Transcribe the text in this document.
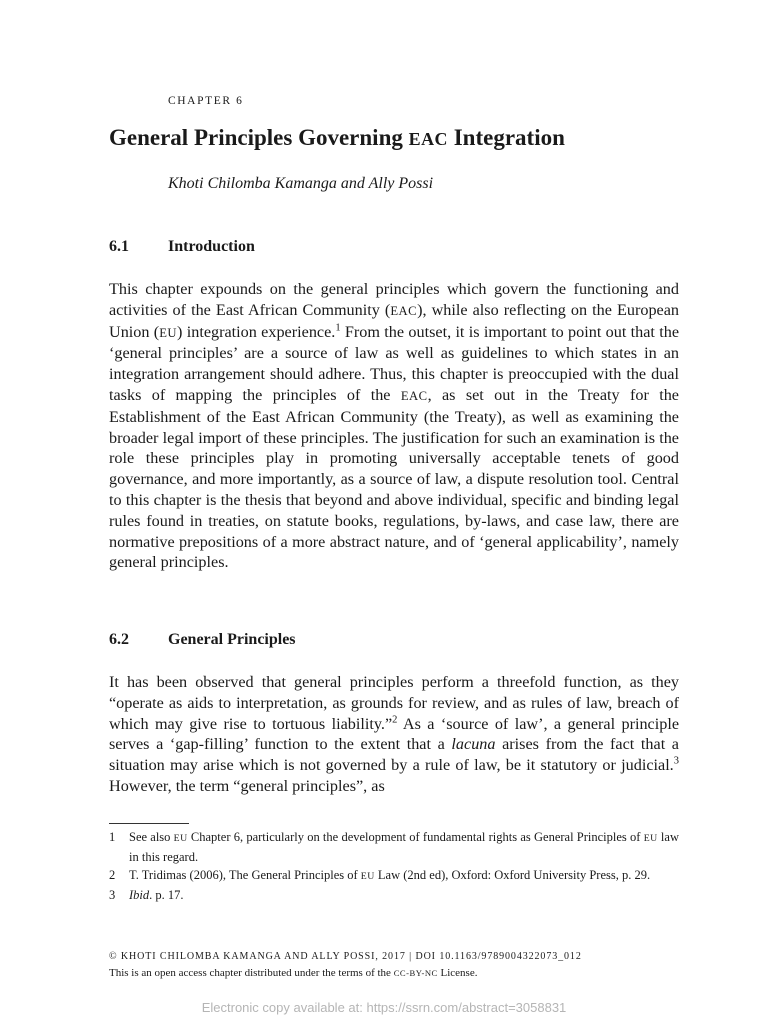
CHAPTER 6
General Principles Governing EAC Integration
Khoti Chilomba Kamanga and Ally Possi
6.1 Introduction

This chapter expounds on the general principles which govern the functioning and activities of the East African Community (EAC), while also reflecting on the European Union (EU) integration experience.$^1$ From the outset, it is important to point out that the ‘general principles’ are a source of law as well as guidelines to which states in an integration arrangement should adhere. Thus, this chapter is preoccupied with the dual tasks of mapping the principles of the EAC, as set out in the Treaty for the Establishment of the East African Community (the Treaty), as well as examining the broader legal import of these principles. The justification for such an examination is the role these principles play in promoting universally acceptable tenets of good governance, and more importantly, as a source of law, a dispute resolution tool. Central to this chapter is the thesis that beyond and above individual, specific and binding legal rules found in treaties, on statute books, regulations, by-laws, and case law, there are normative prepositions of a more abstract nature, and of ‘general applicability’, namely general principles.

6.2 General Principles

It has been observed that general principles perform a threefold function, as they “operate as aids to interpretation, as grounds for review, and as rules of law, breach of which may give rise to tortuous liability.”$^2$ As a ‘source of law’, a general principle serves a ‘gap-filling’ function to the extent that a lacuna arises from the fact that a situation may arise which is not governed by a rule of law, be it statutory or judicial.$^3$ However, the term “general principles”, as

1	See also EU Chapter 6, particularly on the development of fundamental rights as General Principles of EU law in this regard.
2	T. Tridimas (2006), The General Principles of EU Law (2nd ed), Oxford: Oxford University Press, p. 29.
3	Ibid. p. 17.
© KHOTI CHILOMBA KAMANGA AND ALLY POSSI, 2017 | DOI 10.1163/9789004322073_012
This is an open access chapter distributed under the terms of the CC-BY-NC License.
Electronic copy available at: https://ssrn.com/abstract=3058831
